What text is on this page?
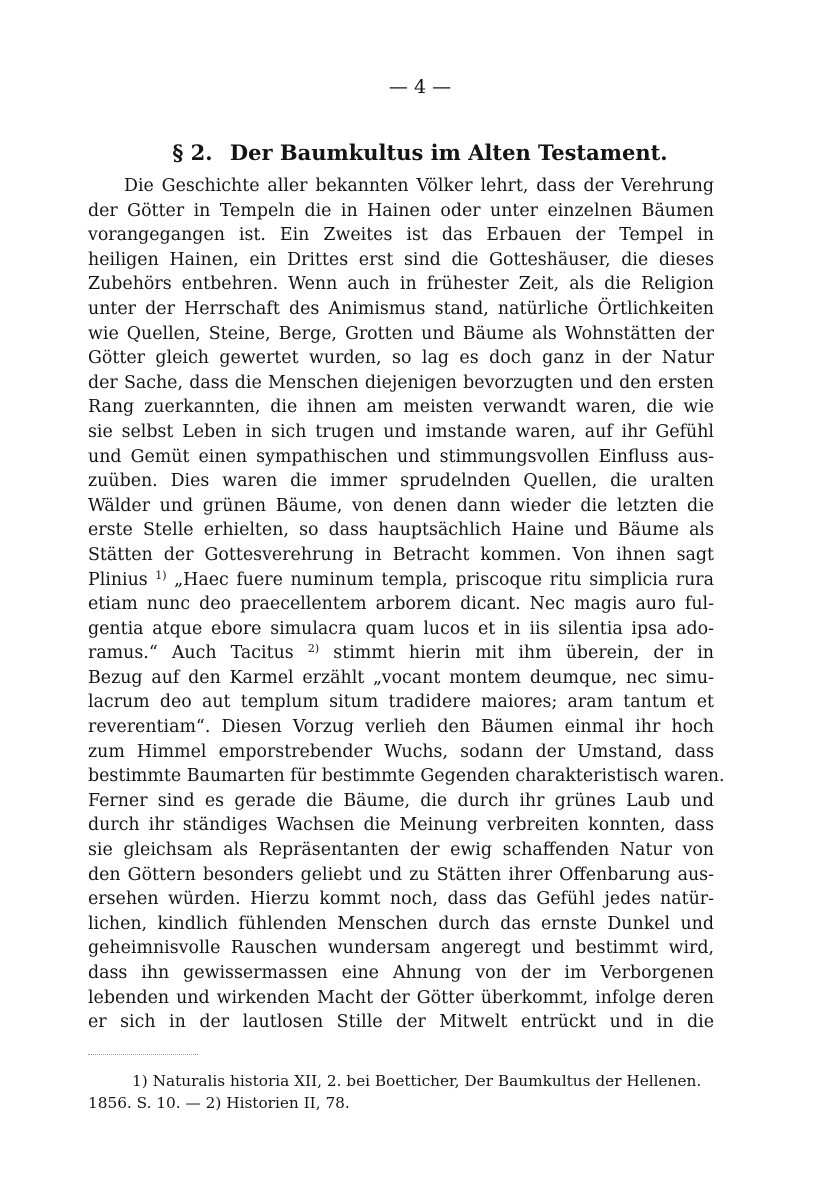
— 4 —
§ 2. Der Baumkultus im Alten Testament.
Die Geschichte aller bekannten Völker lehrt, dass der Verehrung
der Götter in Tempeln die in Hainen oder unter einzelnen Bäumen
vorangegangen ist. Ein Zweites ist das Erbauen der Tempel in
heiligen Hainen, ein Drittes erst sind die Gotteshäuser, die dieses
Zubehörs entbehren. Wenn auch in frühester Zeit, als die Religion
unter der Herrschaft des Animismus stand, natürliche Örtlichkeiten
wie Quellen, Steine, Berge, Grotten und Bäume als Wohnstätten der
Götter gleich gewertet wurden, so lag es doch ganz in der Natur
der Sache, dass die Menschen diejenigen bevorzugten und den ersten
Rang zuerkannten, die ihnen am meisten verwandt waren, die wie
sie selbst Leben in sich trugen und imstande waren, auf ihr Gefühl
und Gemüt einen sympathischen und stimmungsvollen Einfluss aus-
zuüben. Dies waren die immer sprudelnden Quellen, die uralten
Wälder und grünen Bäume, von denen dann wieder die letzten die
erste Stelle erhielten, so dass hauptsächlich Haine und Bäume als
Stätten der Gottesverehrung in Betracht kommen. Von ihnen sagt
Plinius $^{1)}$ „Haec fuere numinum templa, priscoque ritu simplicia rura
etiam nunc deo praecellentem arborem dicant. Nec magis auro ful-
gentia atque ebore simulacra quam lucos et in iis silentia ipsa ado-
ramus.“ Auch Tacitus $^{2)}$ stimmt hierin mit ihm überein, der in
Bezug auf den Karmel erzählt „vocant montem deumque, nec simu-
lacrum deo aut templum situm tradidere maiores; aram tantum et
reverentiam“. Diesen Vorzug verlieh den Bäumen einmal ihr hoch
zum Himmel emporstrebender Wuchs, sodann der Umstand, dass
bestimmte Baumarten für bestimmte Gegenden charakteristisch waren.
Ferner sind es gerade die Bäume, die durch ihr grünes Laub und
durch ihr ständiges Wachsen die Meinung verbreiten konnten, dass
sie gleichsam als Repräsentanten der ewig schaffenden Natur von
den Göttern besonders geliebt und zu Stätten ihrer Offenbarung aus-
ersehen würden. Hierzu kommt noch, dass das Gefühl jedes natür-
lichen, kindlich fühlenden Menschen durch das ernste Dunkel und
geheimnisvolle Rauschen wundersam angeregt und bestimmt wird,
dass ihn gewissermassen eine Ahnung von der im Verborgenen
lebenden und wirkenden Macht der Götter überkommt, infolge deren
er sich in der lautlosen Stille der Mitwelt entrückt und in die
1) Naturalis historia XII, 2. bei Boetticher, Der Baumkultus der Hellenen.
1856. S. 10. — 2) Historien II, 78.
